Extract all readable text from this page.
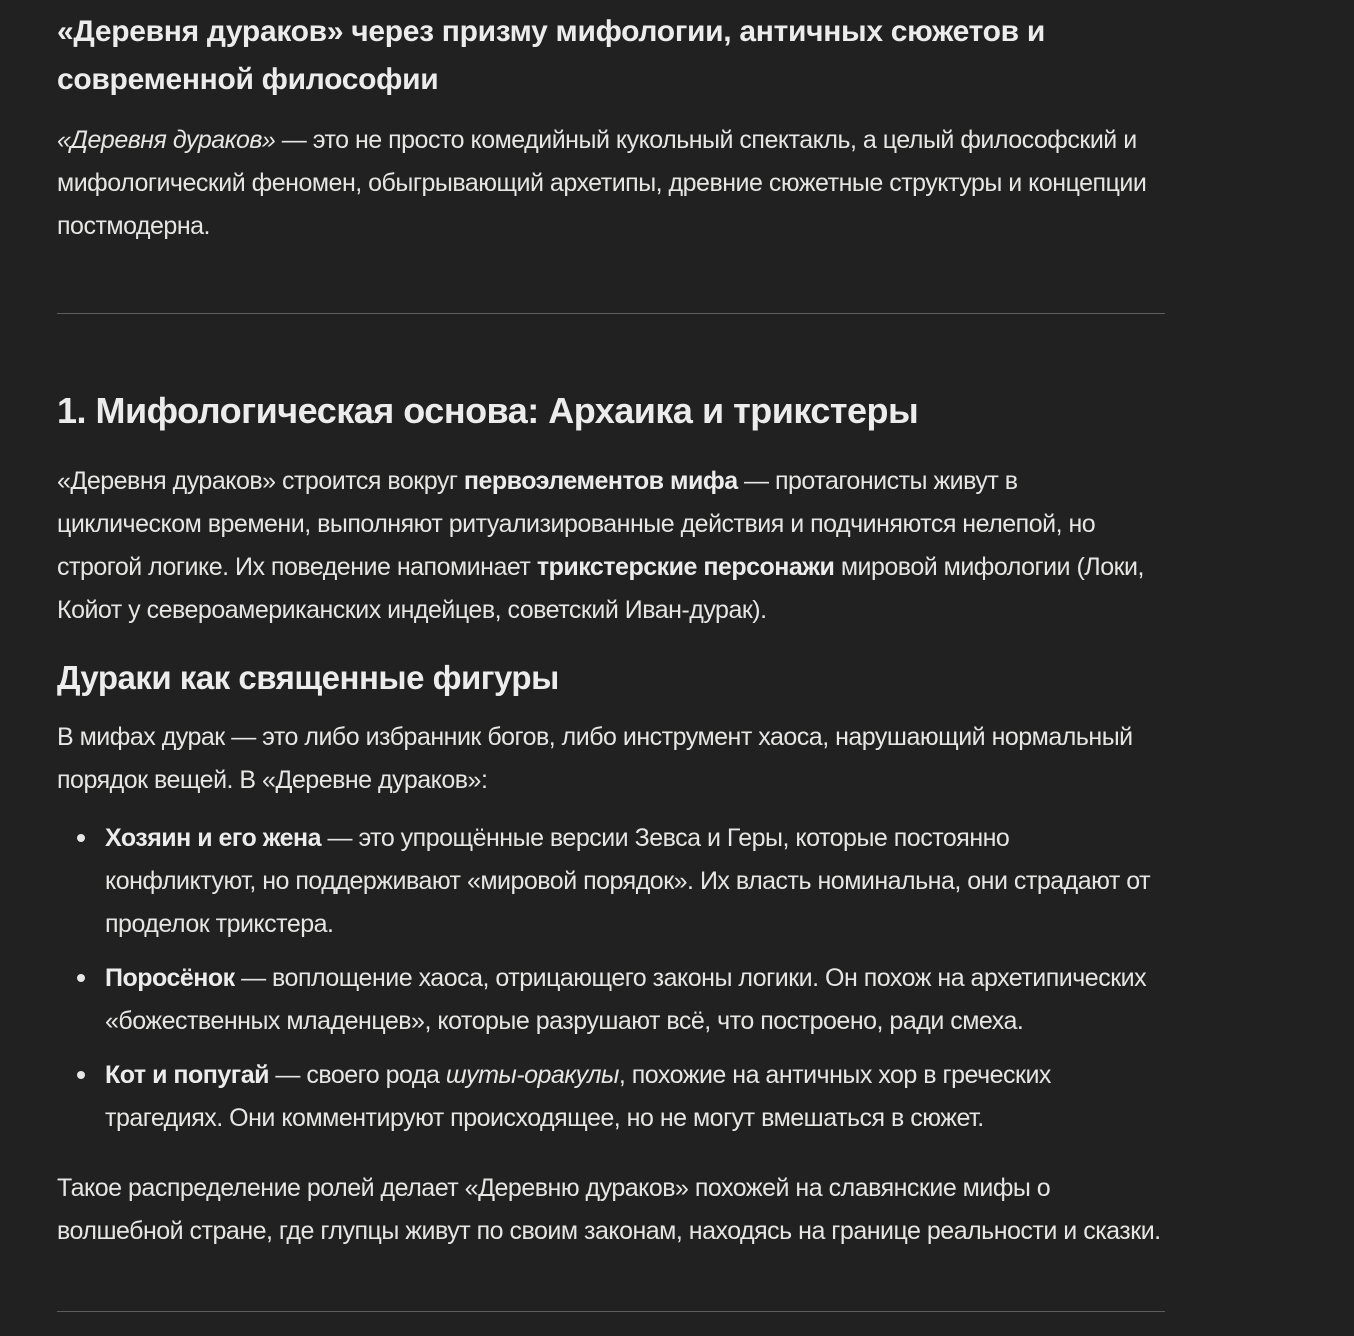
«Деревня дураков» через призму мифологии, античных сюжетов и современной философии

«Деревня дураков» — это не просто комедийный кукольный спектакль, а целый философский и мифологический феномен, обыгрывающий архетипы, древние сюжетные структуры и концепции постмодерна.

1. Мифологическая основа: Архаика и трикстеры

«Деревня дураков» строится вокруг первоэлементов мифа — протагонисты живут в циклическом времени, выполняют ритуализированные действия и подчиняются нелепой, но строгой логике. Их поведение напоминает трикстерские персонажи мировой мифологии (Локи, Койот у североамериканских индейцев, советский Иван-дурак).

Дураки как священные фигуры

В мифах дурак — это либо избранник богов, либо инструмент хаоса, нарушающий нормальный порядок вещей. В «Деревне дураков»:

Хозяин и его жена — это упрощённые версии Зевса и Геры, которые постоянно конфликтуют, но поддерживают «мировой порядок». Их власть номинальна, они страдают от проделок трикстера.
Поросёнок — воплощение хаоса, отрицающего законы логики. Он похож на архетипических «божественных младенцев», которые разрушают всё, что построено, ради смеха.
Кот и попугай — своего рода шуты-оракулы, похожие на античных хор в греческих трагедиях. Они комментируют происходящее, но не могут вмешаться в сюжет.

Такое распределение ролей делает «Деревню дураков» похожей на славянские мифы о волшебной стране, где глупцы живут по своим законам, находясь на границе реальности и сказки.
